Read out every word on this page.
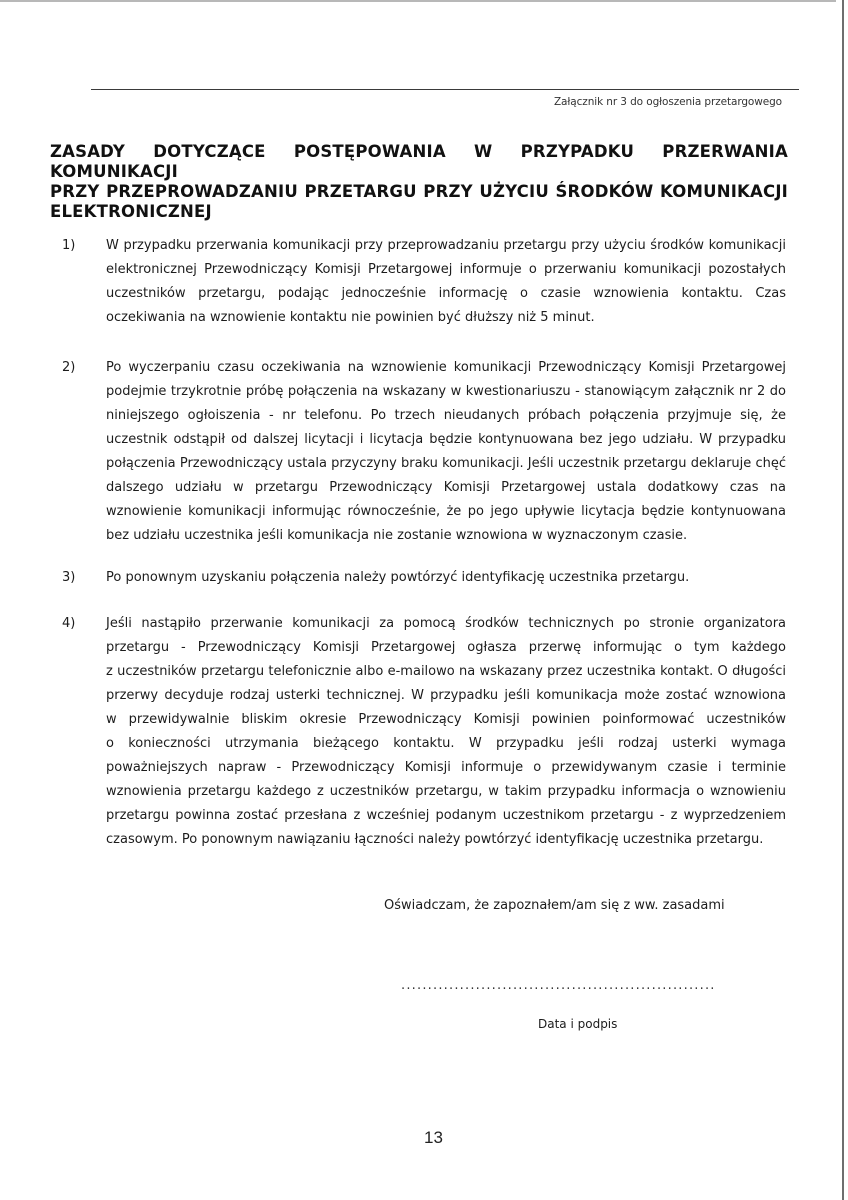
Załącznik nr 3 do ogłoszenia przetargowego
ZASADY DOTYCZĄCE POSTĘPOWANIA W PRZYPADKU PRZERWANIA KOMUNIKACJI
PRZY PRZEPROWADZANIU PRZETARGU PRZY UŻYCIU ŚRODKÓW KOMUNIKACJI
ELEKTRONICZNEJ
1)	W przypadku przerwania komunikacji przy przeprowadzaniu przetargu przy użyciu środków komunikacji
elektronicznej Przewodniczący Komisji Przetargowej informuje o przerwaniu komunikacji pozostałych
uczestników przetargu, podając jednocześnie informację o czasie wznowienia kontaktu. Czas
oczekiwania na wznowienie kontaktu nie powinien być dłuższy niż 5 minut.
2)	Po wyczerpaniu czasu oczekiwania na wznowienie komunikacji Przewodniczący Komisji Przetargowej
podejmie trzykrotnie próbę połączenia na wskazany w kwestionariuszu - stanowiącym załącznik nr 2 do
niniejszego ogłoiszenia - nr telefonu. Po trzech nieudanych próbach połączenia przyjmuje się, że
uczestnik odstąpił od dalszej licytacji i licytacja będzie kontynuowana bez jego udziału. W przypadku
połączenia Przewodniczący ustala przyczyny braku komunikacji. Jeśli uczestnik przetargu deklaruje chęć
dalszego udziału w przetargu Przewodniczący Komisji Przetargowej ustala dodatkowy czas na
wznowienie komunikacji informując równocześnie, że po jego upływie licytacja będzie kontynuowana
bez udziału uczestnika jeśli komunikacja nie zostanie wznowiona w wyznaczonym czasie.
3)	Po ponownym uzyskaniu połączenia należy powtórzyć identyfikację uczestnika przetargu.
4)	Jeśli nastąpiło przerwanie komunikacji za pomocą środków technicznych po stronie organizatora
przetargu - Przewodniczący Komisji Przetargowej ogłasza przerwę informując o tym każdego
z uczestników przetargu telefonicznie albo e-mailowo na wskazany przez uczestnika kontakt. O długości
przerwy decyduje rodzaj usterki technicznej. W przypadku jeśli komunikacja może zostać wznowiona
w przewidywalnie bliskim okresie Przewodniczący Komisji powinien poinformować uczestników
o konieczności utrzymania bieżącego kontaktu. W przypadku jeśli rodzaj usterki wymaga
poważniejszych napraw - Przewodniczący Komisji informuje o przewidywanym czasie i terminie
wznowienia przetargu każdego z uczestników przetargu, w takim przypadku informacja o wznowieniu
przetargu powinna zostać przesłana z wcześniej podanym uczestnikom przetargu - z wyprzedzeniem
czasowym. Po ponownym nawiązaniu łączności należy powtórzyć identyfikację uczestnika przetargu.
Oświadczam, że zapoznałem/am się z ww. zasadami
...........................................................
Data i podpis
13
